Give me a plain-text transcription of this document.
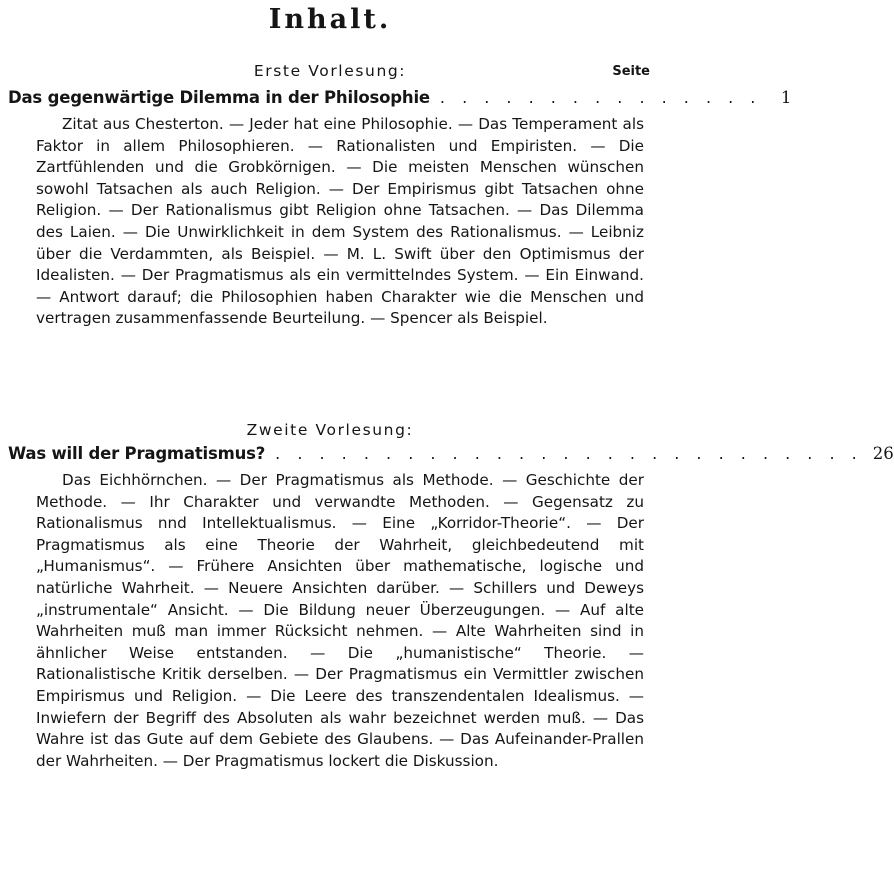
Inhalt.
Seite
Erste Vorlesung:
Das gegenwärtige Dilemma in der Philosophie . . . . . . . . . . . . . . .	1

Zitat aus Chesterton. — Jeder hat eine Philosophie. — Das Temperament als Faktor in allem Philosophieren. — Rationalisten und Empiristen. — Die Zartfühlenden und die Grobkörnigen. — Die meisten Menschen wünschen sowohl Tatsachen als auch Religion. — Der Empirismus gibt Tatsachen ohne Religion. — Der Rationalismus gibt Religion ohne Tatsachen. — Das Dilemma des Laien. — Die Unwirklichkeit in dem System des Rationalismus. — Leibniz über die Verdammten, als Beispiel. — M. L. Swift über den Optimismus der Idealisten. — Der Pragmatismus als ein vermittelndes System. — Ein Einwand. — Antwort darauf; die Philosophien haben Charakter wie die Menschen und vertragen zusammenfassende Beurteilung. — Spencer als Beispiel.

Zweite Vorlesung:
Was will der Pragmatismus? . . . . . . . . . . . . . . . . . . . . . . . . . . . 26

Das Eichhörnchen. — Der Pragmatismus als Methode. — Geschichte der Methode. — Ihr Charakter und verwandte Methoden. — Gegensatz zu Rationalismus nnd Intellektualismus. — Eine „Korridor-Theorie“. — Der Pragmatismus als eine Theorie der Wahrheit, gleichbedeutend mit „Humanismus“. — Frühere Ansichten über mathematische, logische und natürliche Wahrheit. — Neuere Ansichten darüber. — Schillers und Deweys „instrumentale“ Ansicht. — Die Bildung neuer Überzeugungen. — Auf alte Wahrheiten muß man immer Rücksicht nehmen. — Alte Wahrheiten sind in ähnlicher Weise entstanden. — Die „humanistische“ Theorie. — Rationalistische Kritik derselben. — Der Pragmatismus ein Vermittler zwischen Empirismus und Religion. — Die Leere des transzendentalen Idealismus. — Inwiefern der Begriff des Absoluten als wahr bezeichnet werden muß. — Das Wahre ist das Gute auf dem Gebiete des Glaubens. — Das Aufeinander-Prallen der Wahrheiten. — Der Pragmatismus lockert die Diskussion.
